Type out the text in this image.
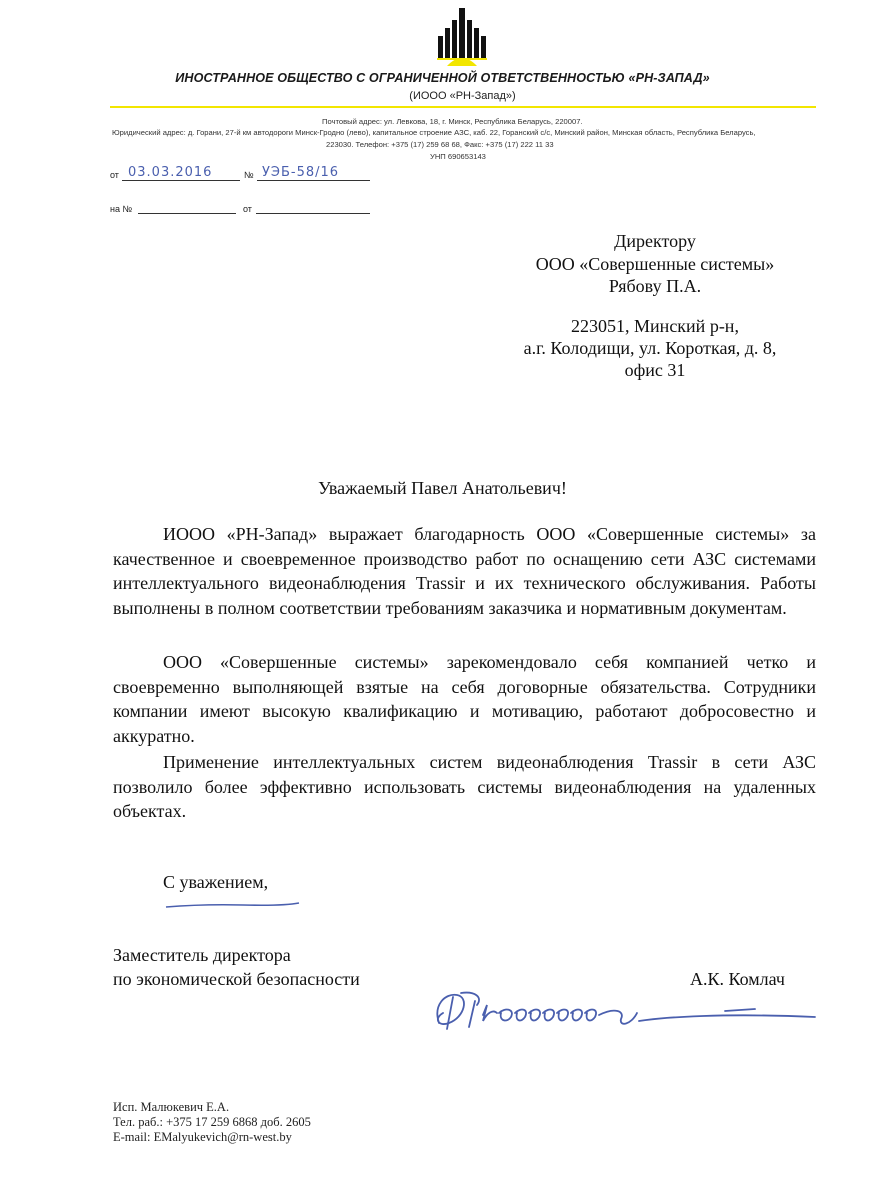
ИНОСТРАННОЕ ОБЩЕСТВО С ОГРАНИЧЕННОЙ ОТВЕТСТВЕННОСТЬЮ «РН-ЗАПАД»
(ИООО «РН-Запад»)
Почтовый адрес: ул. Левкова, 18, г. Минск, Республика Беларусь, 220007.
Юридический адрес: д. Горани, 27-й км автодороги Минск-Гродно (лево), капитальное строение АЗС, каб. 22, Горанский с/с, Минский район, Минская область, Республика Беларусь,
223030. Телефон: +375 (17) 259 68 68, Факс: +375 (17) 222 11 33
УНП 690653143
от 03.03.2016	№ УЭБ-58/16
на №	от
Директору
ООО «Совершенные системы»
Рябову П.А.
223051, Минский р-н,
а.г. Колодищи, ул. Короткая, д. 8,
офис 31
Уважаемый Павел Анатольевич!
ИООО «РН-Запад» выражает благодарность ООО «Совершенные системы» за качественное и своевременное производство работ по оснащению сети АЗС системами интеллектуального видеонаблюдения Trassir и их технического обслуживания. Работы выполнены в полном соответствии требованиям заказчика и нормативным документам.
ООО «Совершенные системы» зарекомендовало себя компанией четко и своевременно выполняющей взятые на себя договорные обязательства. Сотрудники компании имеют высокую квалификацию и мотивацию, работают добросовестно и аккуратно.
Применение интеллектуальных систем видеонаблюдения Trassir в сети АЗС позволило более эффективно использовать системы видеонаблюдения на удаленных объектах.
С уважением,
Заместитель директора
по экономической безопасности	А.К. Комлач
Исп. Малюкевич Е.А.
Тел. раб.: +375 17 259 6868 доб. 2605
E-mail: EMalyukevich@rn-west.by
